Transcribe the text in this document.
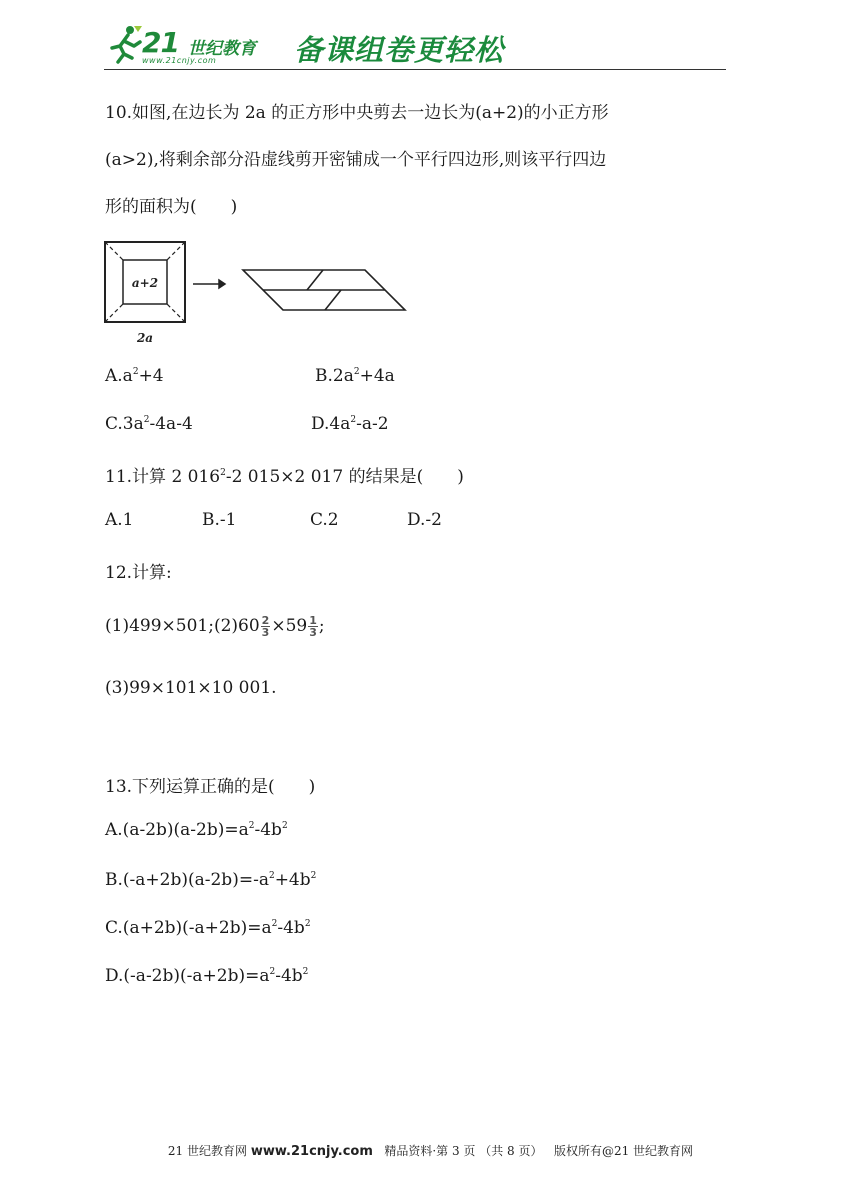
21 世纪教育
www.21cnjy.com	备课组卷更轻松
10.如图,在边长为 2a 的正方形中央剪去一边长为(a+2)的小正方形
(a>2),将剩余部分沿虚线剪开密铺成一个平行四边形,则该平行四边
形的面积为(　　)
a+2
2a
$A.a^2+4$	$B.2a^2+4a$
$C.3a^2-4a-4$	$D.4a^2-a-2$
11.计算 2 $016^2-2$ 015×2 017 的结果是(　　)
A.1	B.-1	C.2	D.-2
12.计算:
(1)499×501;(2)60 $\frac{2}{3} \times 59 \frac{1}{3}$ ;
(3)99×101×10 001.
13.下列运算正确的是(　　)
$A.(a-2b)(a-2b)=a^2-4b^2$
$B.(-a+2b)(a-2b)=-a^2+4b^2$
$C.(a+2b)(-a+2b)=a^2-4b^2$
$D.(-a-2b)(-a+2b)=a^2-4b^2$
21 世纪教育网 www.21cnjy.com 精品资料·第 3 页 （共 8 页） 版权所有@21 世纪教育网
